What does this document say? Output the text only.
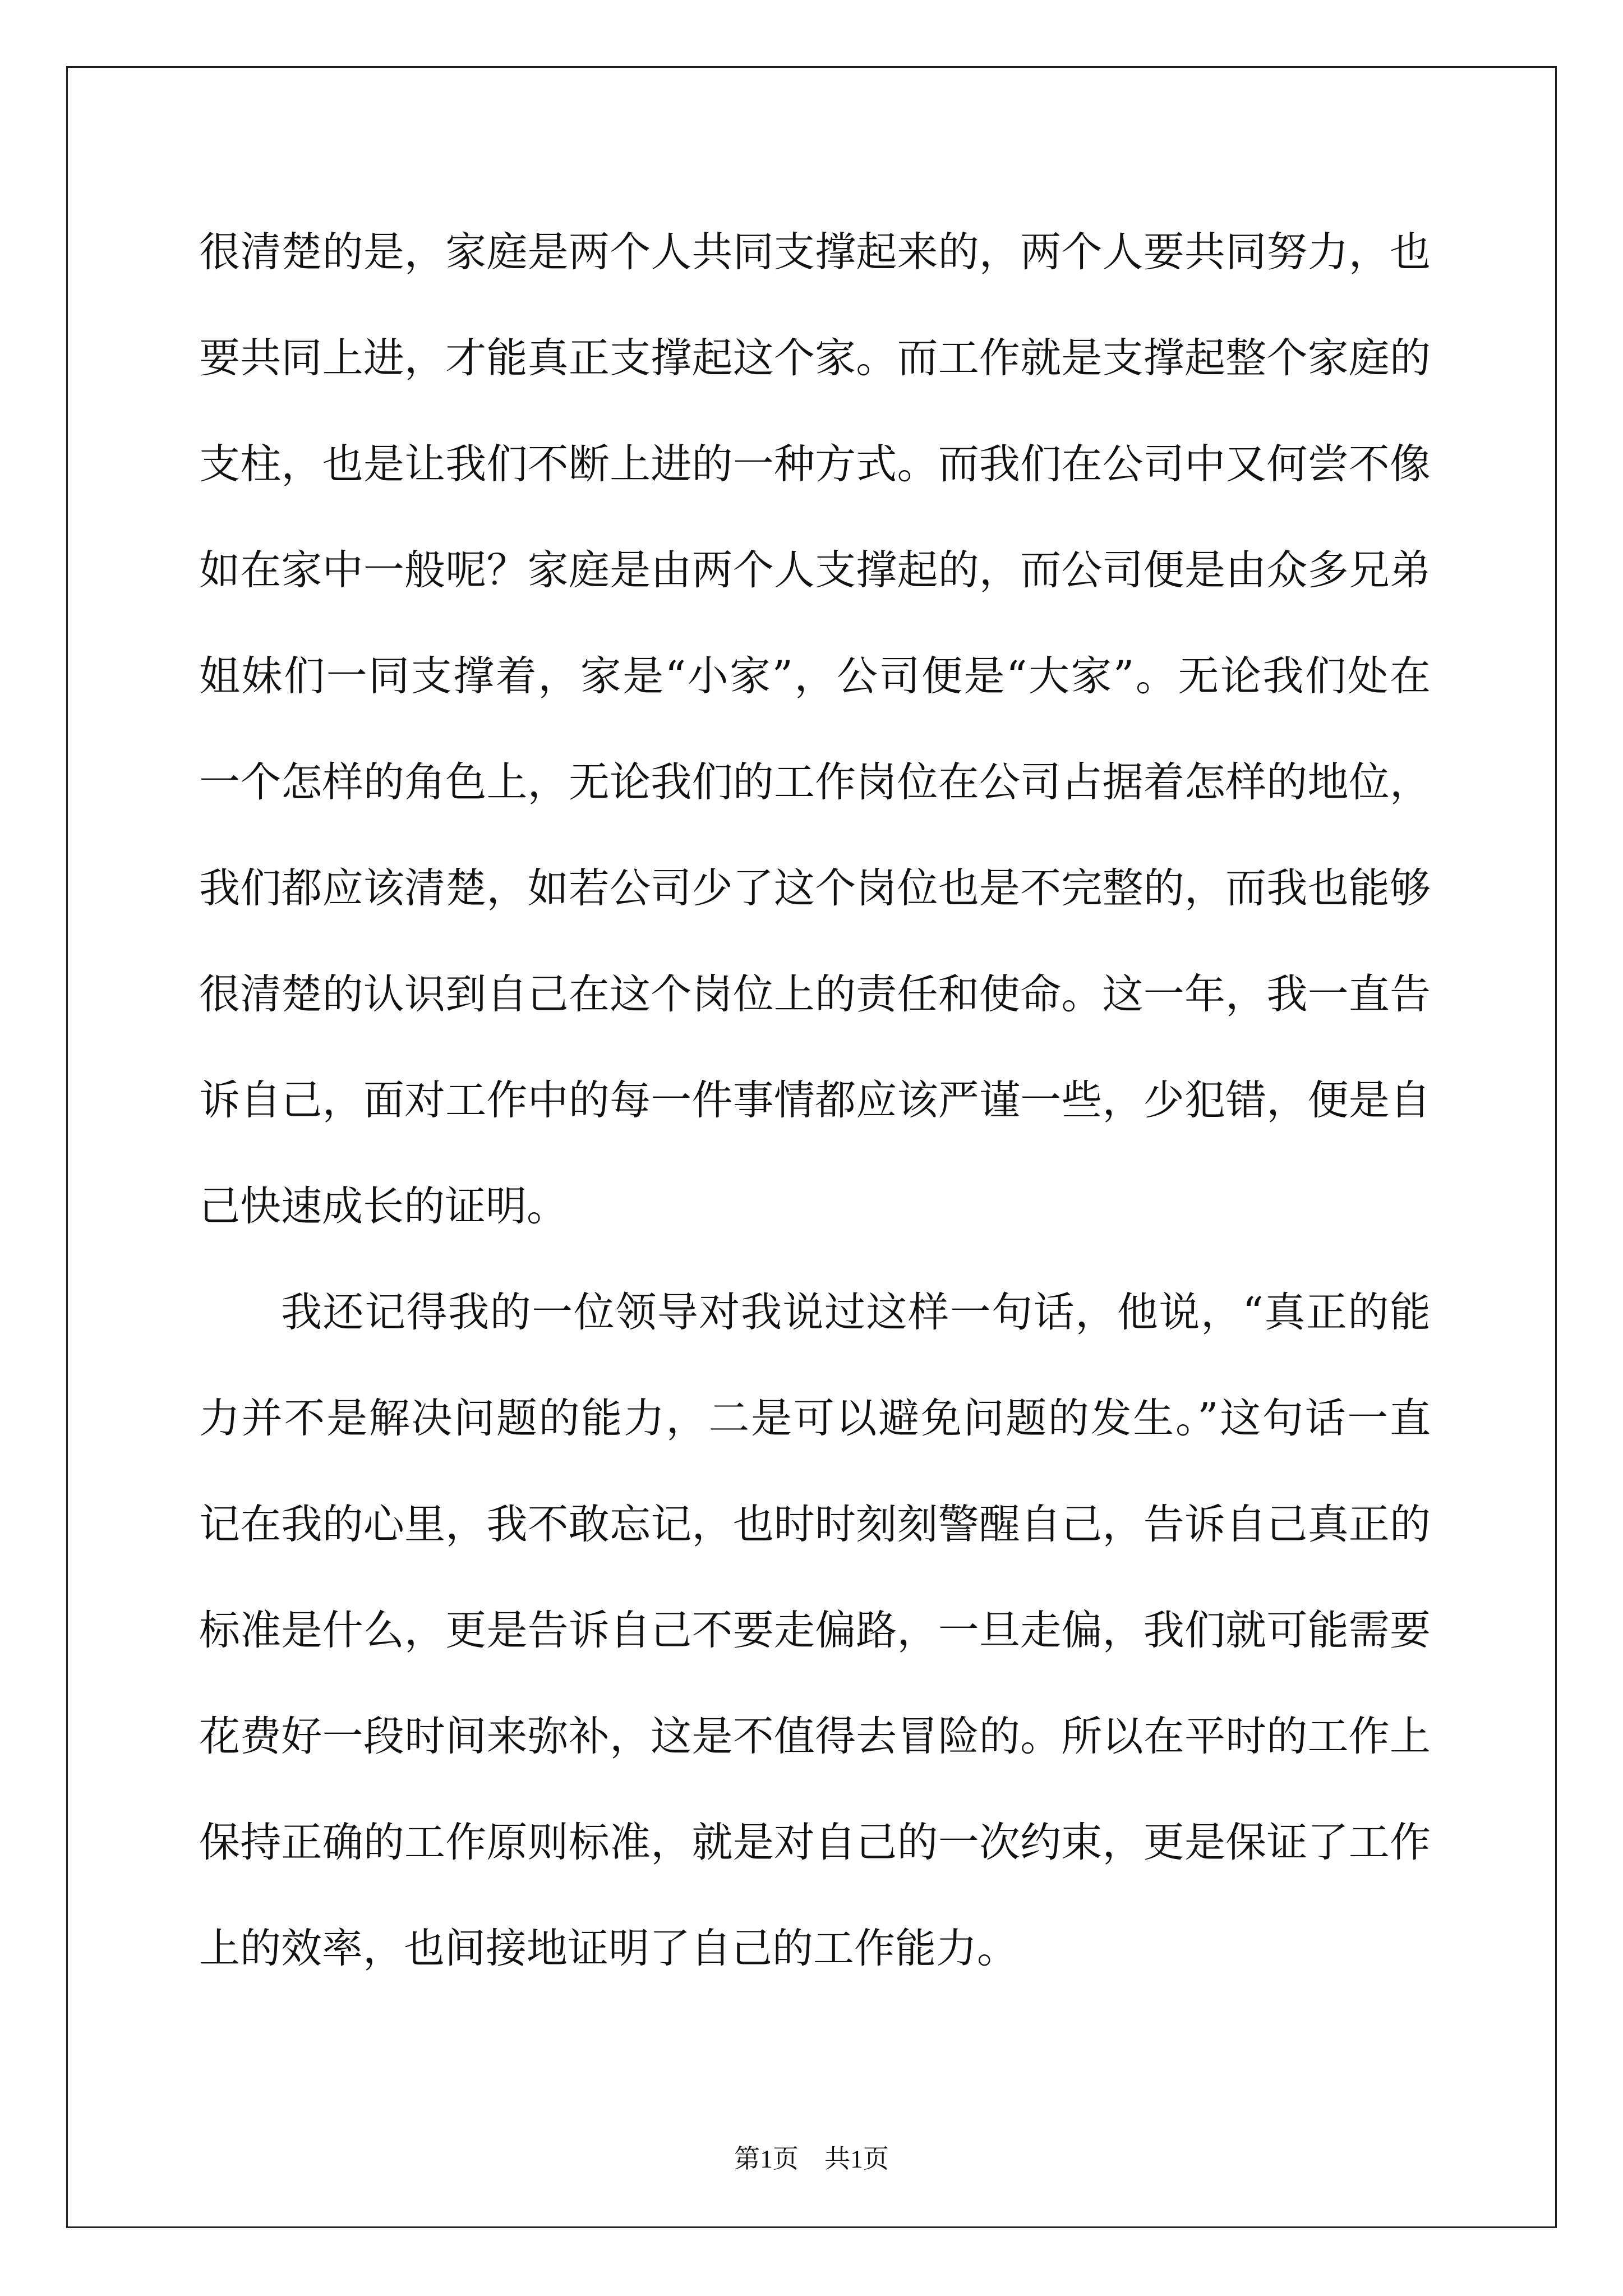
很清楚的是，家庭是两个人共同支撑起来的，两个人要共同努力，也
要共同上进，才能真正支撑起这个家。而工作就是支撑起整个家庭的
支柱，也是让我们不断上进的一种方式。而我们在公司中又何尝不像
如在家中一般呢？家庭是由两个人支撑起的，而公司便是由众多兄弟
姐妹们一同支撑着，家是“小家”，公司便是“大家”。无论我们处在
一个怎样的角色上，无论我们的工作岗位在公司占据着怎样的地位，
我们都应该清楚，如若公司少了这个岗位也是不完整的，而我也能够
很清楚的认识到自己在这个岗位上的责任和使命。这一年，我一直告
诉自己，面对工作中的每一件事情都应该严谨一些，少犯错，便是自
己快速成长的证明。
我还记得我的一位领导对我说过这样一句话，他说，“真正的能
力并不是解决问题的能力，二是可以避免问题的发生。”这句话一直
记在我的心里，我不敢忘记，也时时刻刻警醒自己，告诉自己真正的
标准是什么，更是告诉自己不要走偏路，一旦走偏，我们就可能需要
花费好一段时间来弥补，这是不值得去冒险的。所以在平时的工作上
保持正确的工作原则标准，就是对自己的一次约束，更是保证了工作
上的效率，也间接地证明了自己的工作能力。
第1页　共1页
